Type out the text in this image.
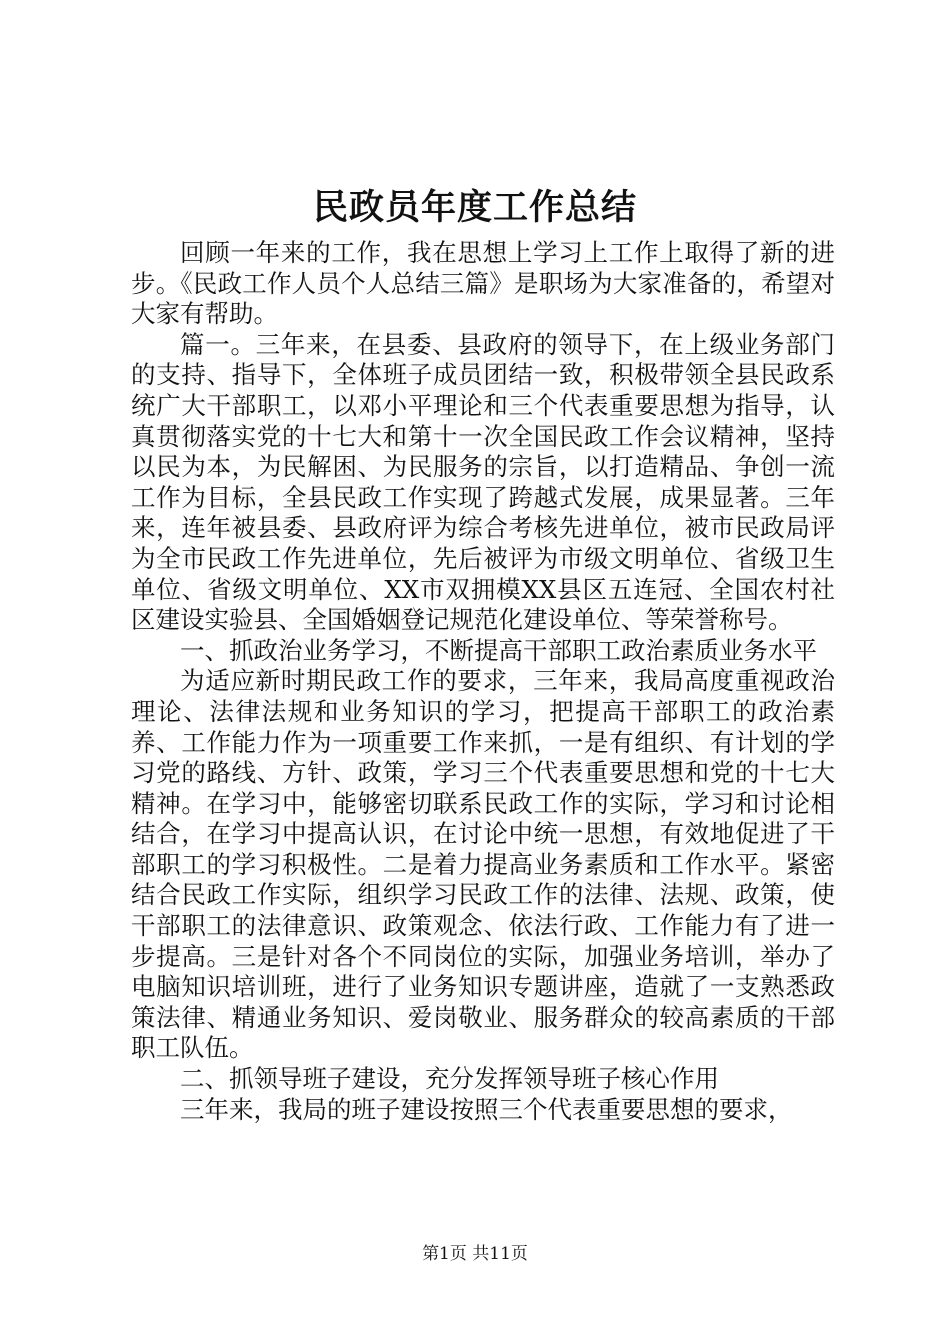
民政员年度工作总结

回顾一年来的工作，我在思想上学习上工作上取得了新的进步。《民政工作人员个人总结三篇》是职场为大家准备的，希望对大家有帮助。

篇一。三年来，在县委、县政府的领导下，在上级业务部门的支持、指导下，全体班子成员团结一致，积极带领全县民政系统广大干部职工，以邓小平理论和三个代表重要思想为指导，认真贯彻落实党的十七大和第十一次全国民政工作会议精神，坚持以民为本，为民解困、为民服务的宗旨，以打造精品、争创一流工作为目标，全县民政工作实现了跨越式发展，成果显著。三年来，连年被县委、县政府评为综合考核先进单位，被市民政局评为全市民政工作先进单位，先后被评为市级文明单位、省级卫生单位、省级文明单位、XX市双拥模XX县区五连冠、全国农村社区建设实验县、全国婚姻登记规范化建设单位、等荣誉称号。

一、抓政治业务学习，不断提高干部职工政治素质业务水平

为适应新时期民政工作的要求，三年来，我局高度重视政治理论、法律法规和业务知识的学习，把提高干部职工的政治素养、工作能力作为一项重要工作来抓，一是有组织、有计划的学习党的路线、方针、政策，学习三个代表重要思想和党的十七大精神。在学习中，能够密切联系民政工作的实际，学习和讨论相结合，在学习中提高认识，在讨论中统一思想，有效地促进了干部职工的学习积极性。二是着力提高业务素质和工作水平。紧密结合民政工作实际，组织学习民政工作的法律、法规、政策，使干部职工的法律意识、政策观念、依法行政、工作能力有了进一步提高。三是针对各个不同岗位的实际，加强业务培训，举办了电脑知识培训班，进行了业务知识专题讲座，造就了一支熟悉政策法律、精通业务知识、爱岗敬业、服务群众的较高素质的干部职工队伍。

二、抓领导班子建设，充分发挥领导班子核心作用

三年来，我局的班子建设按照三个代表重要思想的要求，

第1页 共11页
